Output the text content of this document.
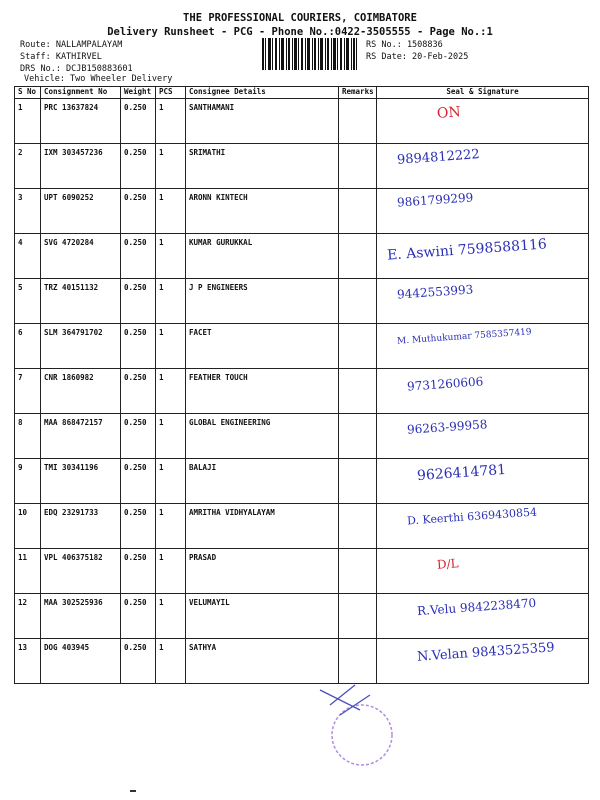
THE PROFESSIONAL COURIERS, COIMBATORE
Delivery Runsheet - PCG - Phone No.:0422-3505555 - Page No.:1
Route: NALLAMPALAYAM
Staff: KATHIRVEL
DRS No.: DCJB150883601
Vehicle: Two Wheeler Delivery
RS No.: 1508836
RS Date: 20-Feb-2025
S No	Consignment No	Weight	PCS	Consignee Details	Remarks	Seal & Signature
1	PRC 13637824	0.250	1	SANTHAMANI		ON

2	IXM 303457236	0.250	1	SRIMATHI		9894812222

3	UPT 6090252	0.250	1	ARONN KINTECH		9861799299

4	SVG 4720284	0.250	1	KUMAR GURUKKAL		E. Aswini 7598588116

5	TRZ 40151132	0.250	1	J P ENGINEERS		9442553993

6	SLM 364791702	0.250	1	FACET		M. Muthukumar 7585357419

7	CNR 1860982	0.250	1	FEATHER TOUCH		9731260606

8	MAA 868472157	0.250	1	GLOBAL ENGINEERING		96263-99958

9	TMI 30341196	0.250	1	BALAJI		9626414781

10	EDQ 23291733	0.250	1	AMRITHA VIDHYALAYAM		D. Keerthi 6369430854

11	VPL 406375182	0.250	1	PRASAD		D/L

12	MAA 302525936	0.250	1	VELUMAYIL		R.Velu 9842238470

13	DOG 403945	0.250	1	SATHYA		N.Velan 9843525359
